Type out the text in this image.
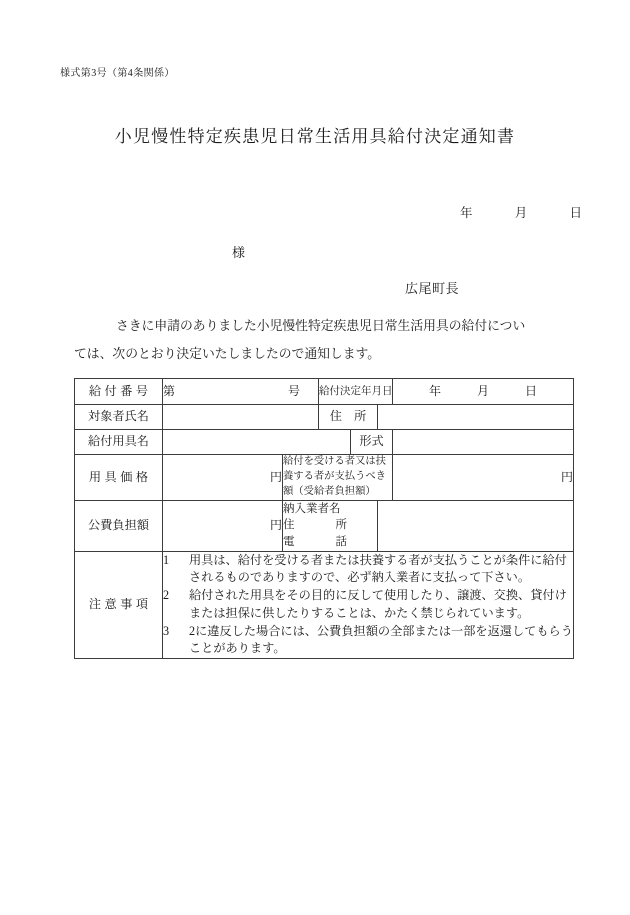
様式第3号（第4条関係）
小児慢性特定疾患児日常生活用具給付決定通知書
年	月	日
様
広尾町長
さきに申請のありました小児慢性特定疾患児日常生活用具の給付につい
ては、次のとおり決定いたしましたので通知します。
給付番号	第 号		給付決定年月日			年 月 日
対象者氏名			住　所			
給付用具名				形式		
用具価格	円	給付を受ける者又は扶
養する者が支払うべき
額（受給者負担額）				円
公費負担額	円	納入業者名
住 所
電 話				

注意事項	1 用具は、給付を受ける者または扶養する者が支払うことが条件に給付されるものでありますので、必ず納入業者に支払って下さい。
2 給付された用具をその目的に反して使用したり、譲渡、交換、貸付けまたは担保に供したりすることは、かたく禁じられています。
3 2に違反した場合には、公費負担額の全部または一部を返還してもらうことがあります。					
